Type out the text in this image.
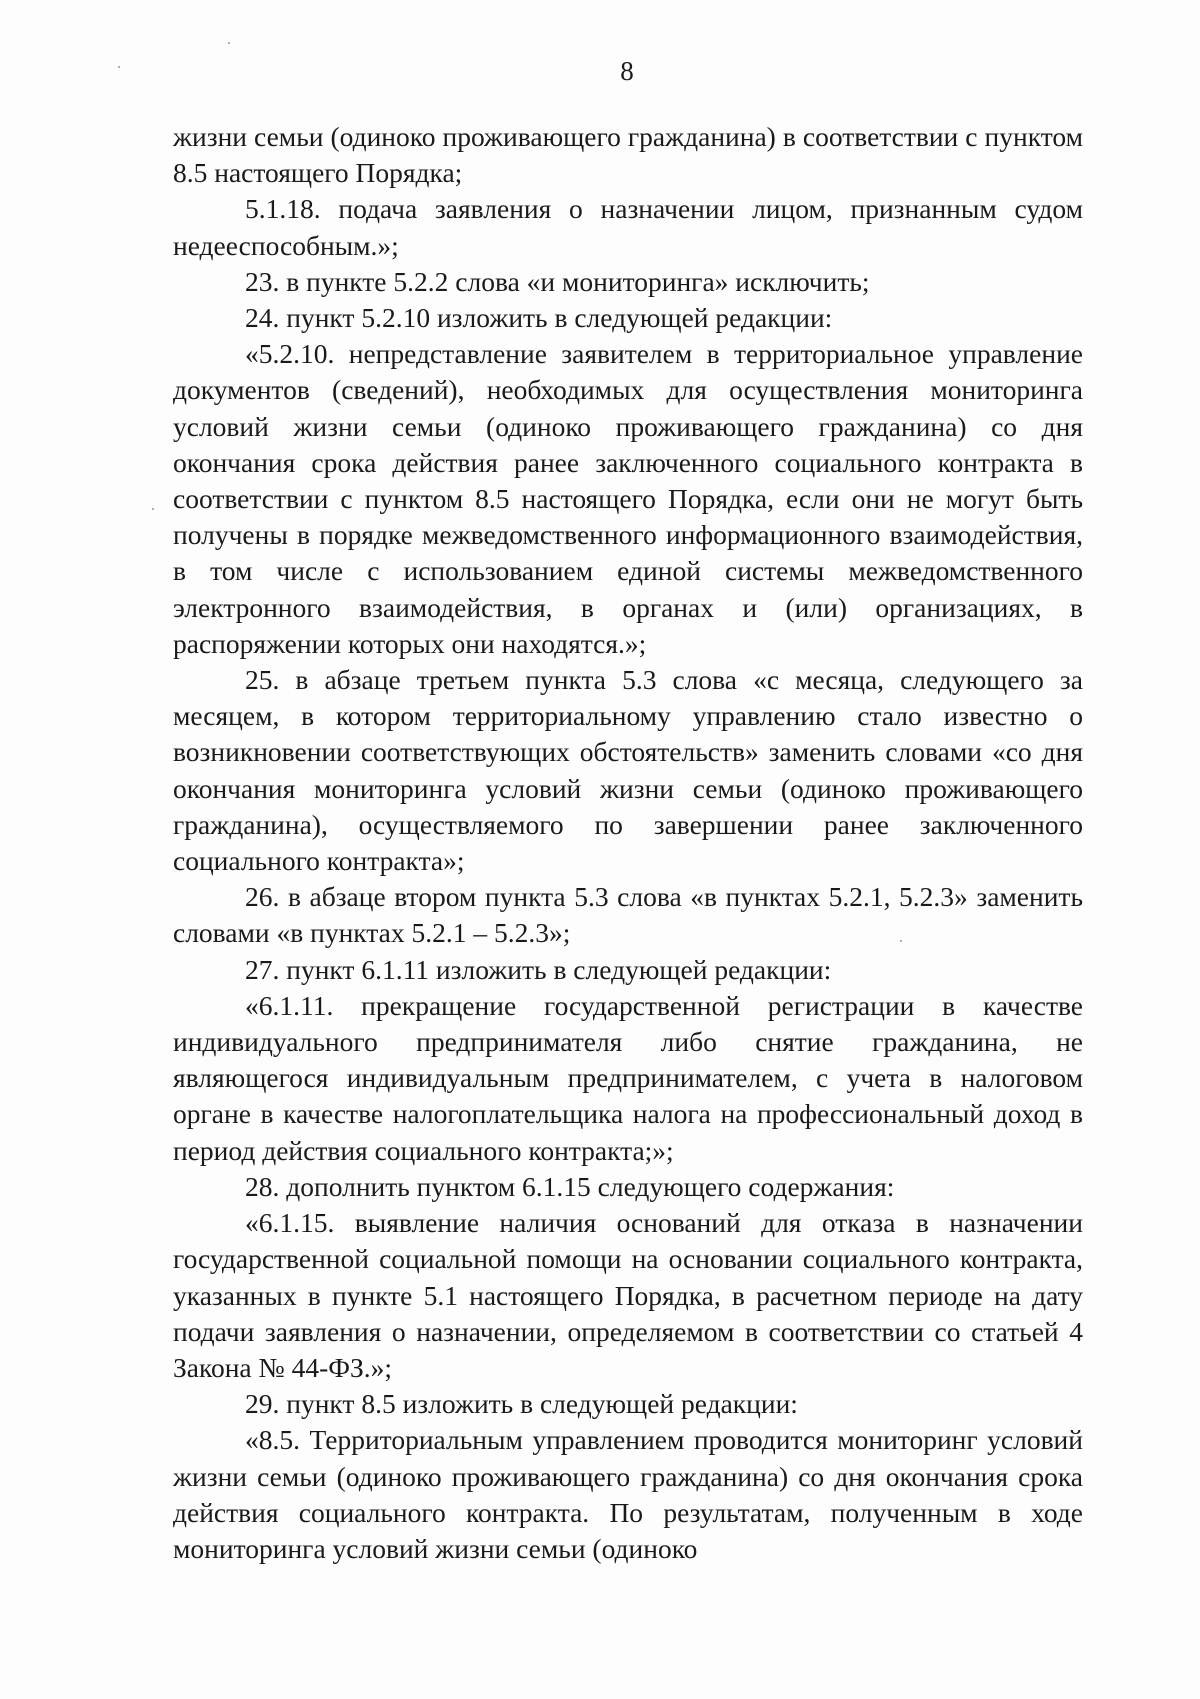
8

жизни семьи (одиноко проживающего гражданина) в соответствии с пунктом 8.5 настоящего Порядка;

5.1.18. подача заявления о назначении лицом, признанным судом недееспособным.»;

23. в пункте 5.2.2 слова «и мониторинга» исключить;

24. пункт 5.2.10 изложить в следующей редакции:

«5.2.10. непредставление заявителем в территориальное управление документов (сведений), необходимых для осуществления мониторинга условий жизни семьи (одиноко проживающего гражданина) со дня окончания срока действия ранее заключенного социального контракта в соответствии с пунктом 8.5 настоящего Порядка, если они не могут быть получены в порядке межведомственного информационного взаимодействия, в том числе с использованием единой системы межведомственного электронного взаимодействия, в органах и (или) организациях, в распоряжении которых они находятся.»;

25. в абзаце третьем пункта 5.3 слова «с месяца, следующего за месяцем, в котором территориальному управлению стало известно о возникновении соответствующих обстоятельств» заменить словами «со дня окончания мониторинга условий жизни семьи (одиноко проживающего гражданина), осуществляемого по завершении ранее заключенного социального контракта»;

26. в абзаце втором пункта 5.3 слова «в пунктах 5.2.1, 5.2.3» заменить словами «в пунктах 5.2.1 – 5.2.3»;

27. пункт 6.1.11 изложить в следующей редакции:

«6.1.11. прекращение государственной регистрации в качестве индивидуального предпринимателя либо снятие гражданина, не являющегося индивидуальным предпринимателем, с учета в налоговом органе в качестве налогоплательщика налога на профессиональный доход в период действия социального контракта;»;

28. дополнить пунктом 6.1.15 следующего содержания:

«6.1.15. выявление наличия оснований для отказа в назначении государственной социальной помощи на основании социального контракта, указанных в пункте 5.1 настоящего Порядка, в расчетном периоде на дату подачи заявления о назначении, определяемом в соответствии со статьей 4 Закона № 44-ФЗ.»;

29. пункт 8.5 изложить в следующей редакции:

«8.5. Территориальным управлением проводится мониторинг условий жизни семьи (одиноко проживающего гражданина) со дня окончания срока действия социального контракта. По результатам, полученным в ходе мониторинга условий жизни семьи (одиноко
